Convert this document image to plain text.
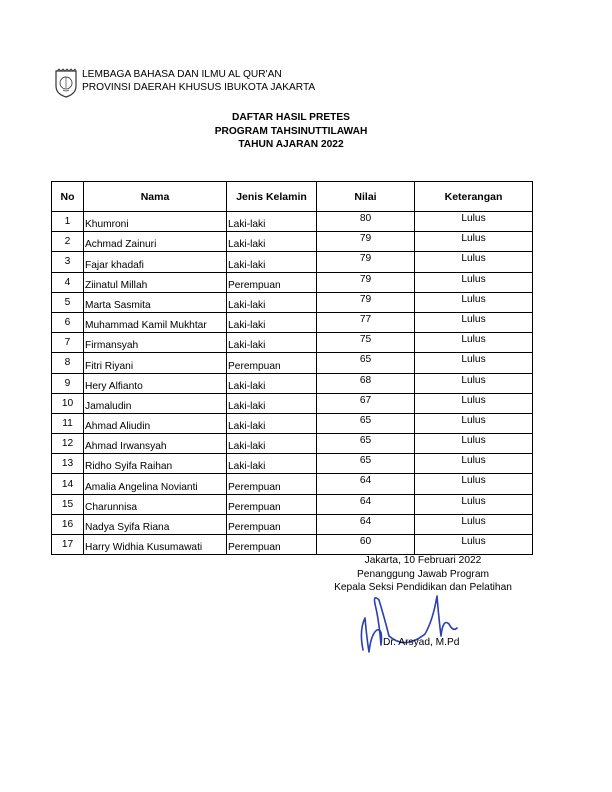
LEMBAGA BAHASA DAN ILMU AL QUR'AN
PROVINSI DAERAH KHUSUS IBUKOTA JAKARTA
DAFTAR HASIL PRETES
PROGRAM TAHSINUTTILAWAH
TAHUN AJARAN 2022
No	Nama	Jenis Kelamin	Nilai	Keterangan
1	Khumroni	Laki-laki	80	Lulus
2	Achmad Zainuri	Laki-laki	79	Lulus
3	Fajar khadafi	Laki-laki	79	Lulus
4	Ziinatul Millah	Perempuan	79	Lulus
5	Marta Sasmita	Laki-laki	79	Lulus
6	Muhammad Kamil Mukhtar	Laki-laki	77	Lulus
7	Firmansyah	Laki-laki	75	Lulus
8	Fitri Riyani	Perempuan	65	Lulus
9	Hery Alfianto	Laki-laki	68	Lulus
10	Jamaludin	Laki-laki	67	Lulus
11	Ahmad Aliudin	Laki-laki	65	Lulus
12	Ahmad Irwansyah	Laki-laki	65	Lulus
13	Ridho Syifa Raihan	Laki-laki	65	Lulus
14	Amalia Angelina Novianti	Perempuan	64	Lulus
15	Charunnisa	Perempuan	64	Lulus
16	Nadya Syifa Riana	Perempuan	64	Lulus
17	Harry Widhia Kusumawati	Perempuan	60	Lulus
Jakarta, 10 Februari 2022
Penanggung Jawab Program
Kepala Seksi Pendidikan dan Pelatihan
Dr. Arsyad, M.Pd
